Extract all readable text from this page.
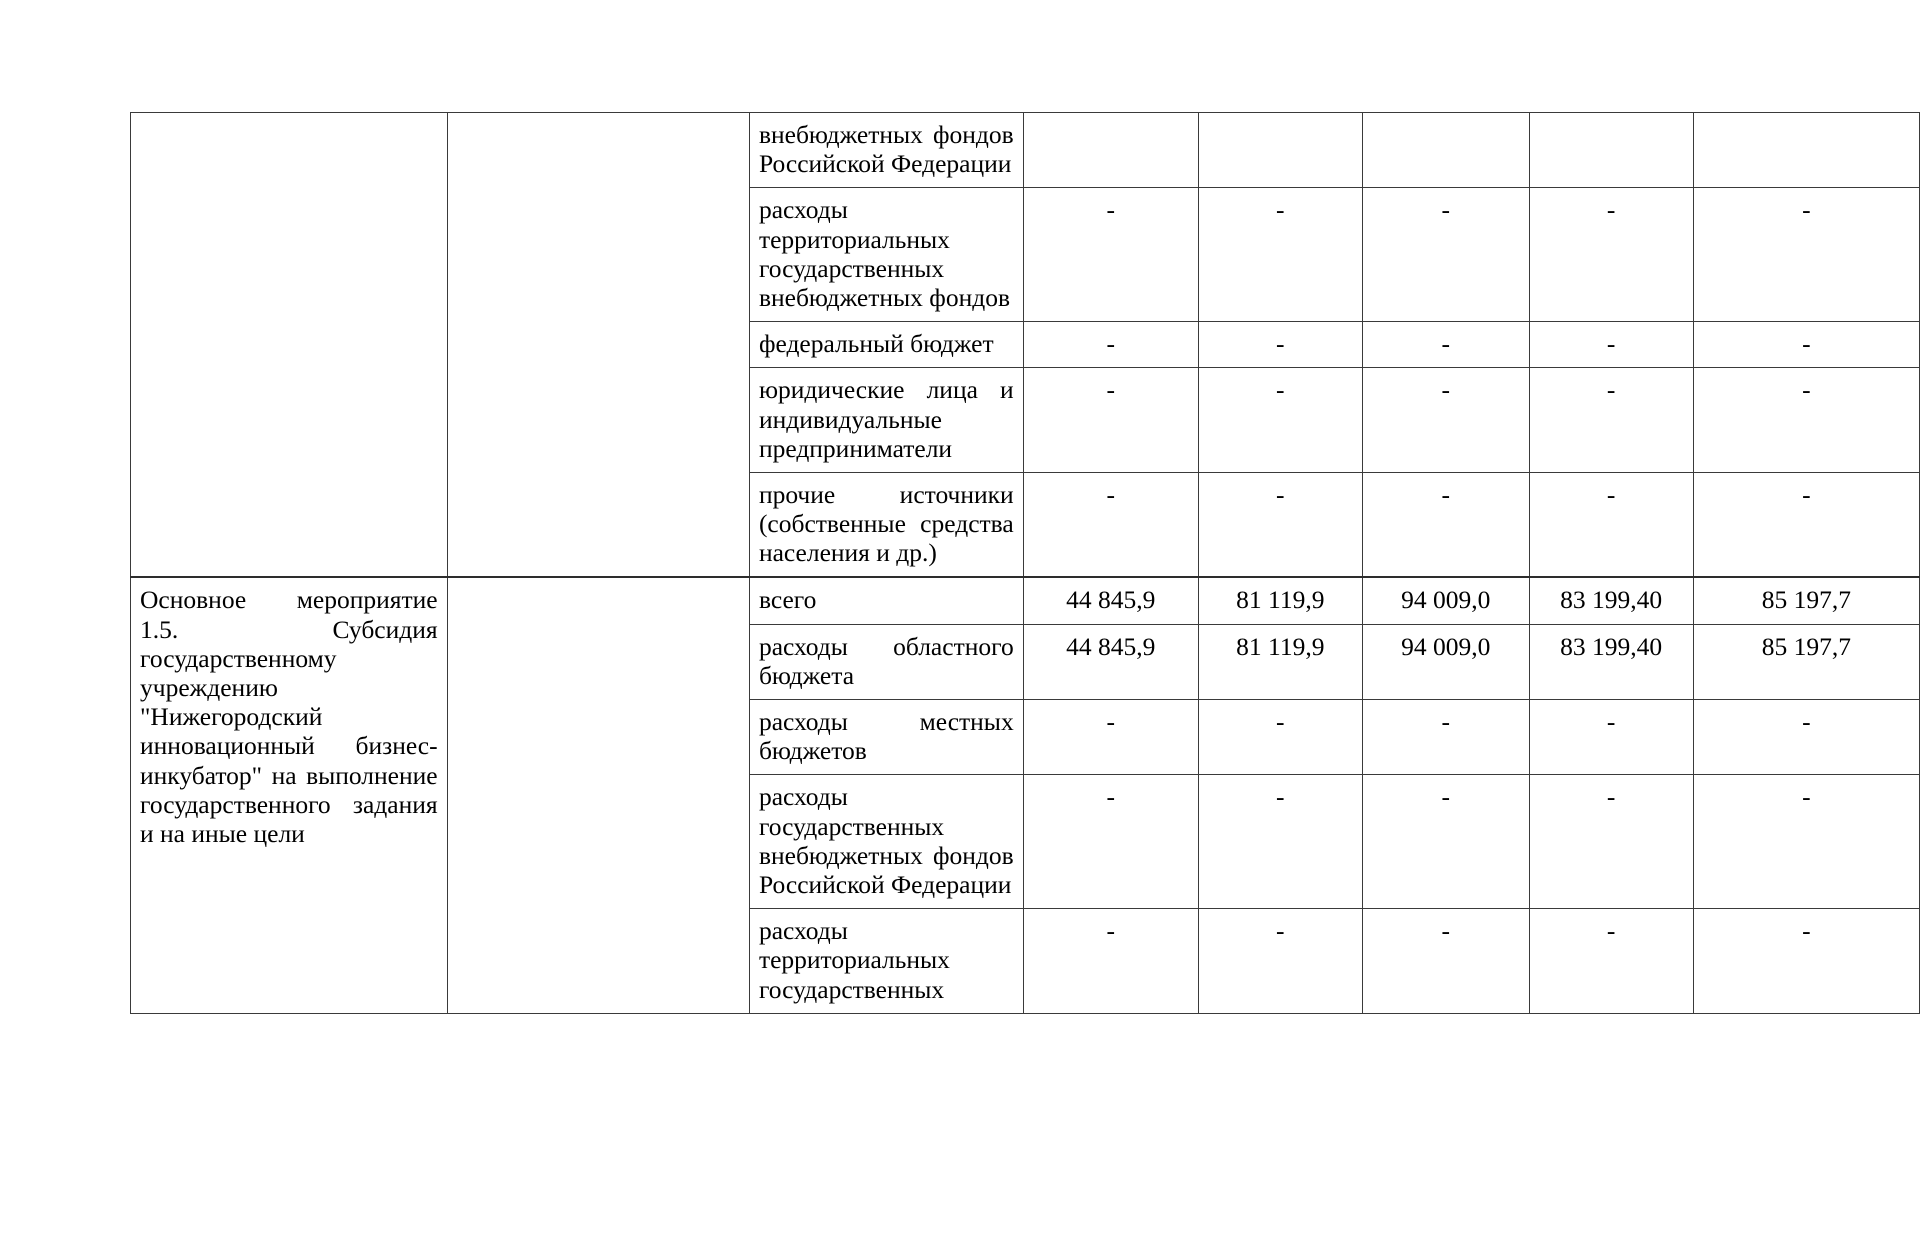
		внебюджетных фондов Российской Федерации					
		расходы территориальных государственных внебюджетных фондов	-	-	-	-	-
		федеральный бюджет	-	-	-	-	-
		юридические лица и индивидуальные предприниматели	-	-	-	-	-
		прочие источники (собственные средства населения и др.)	-	-	-	-	-
Основное мероприятие 1.5. Субсидия государственному учреждению "Нижегородский инновационный бизнес-инкубатор" на выполнение государственного задания и на иные цели		всего	44 845,9	81 119,9	94 009,0	83 199,40	85 197,7
		расходы областного бюджета	44 845,9	81 119,9	94 009,0	83 199,40	85 197,7
		расходы местных бюджетов	-	-	-	-	-
		расходы государственных внебюджетных фондов Российской Федерации	-	-	-	-	-
		расходы территориальных государственных	-	-	-	-	-
